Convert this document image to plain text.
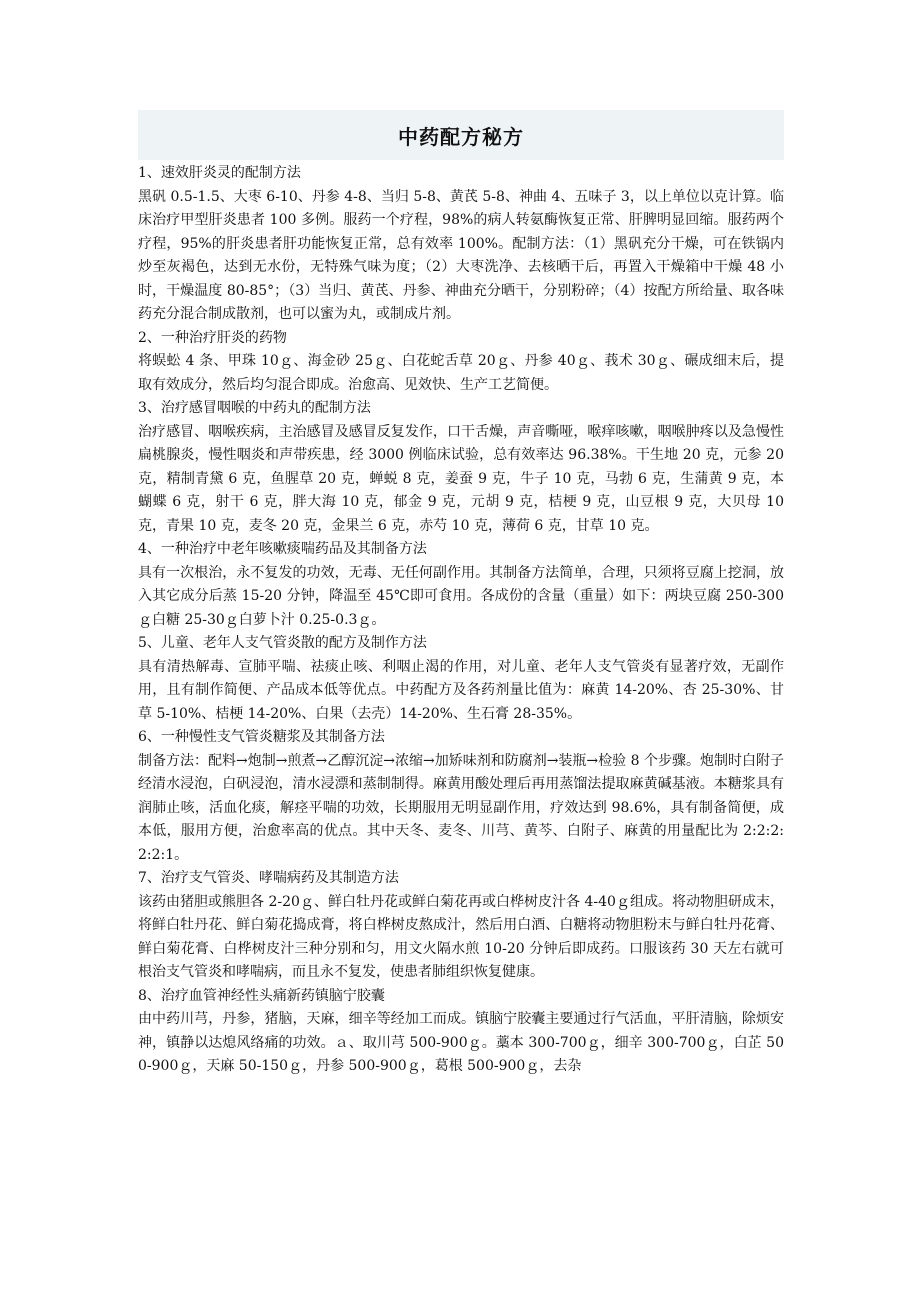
中药配方秘方

1、速效肝炎灵的配制方法

黑矾 0.5-1.5、大枣 6-10、丹参 4-8、当归 5-8、黄芪 5-8、神曲 4、五味子 3，以上单位以克计算。临床治疗甲型肝炎患者 100 多例。服药一个疗程，98%的病人转氨酶恢复正常、肝脾明显回缩。服药两个疗程，95%的肝炎患者肝功能恢复正常，总有效率 100%。配制方法：（1）黑矾充分干燥，可在铁锅内炒至灰褐色，达到无水份，无特殊气味为度；（2）大枣洗净、去核晒干后，再置入干燥箱中干燥 48 小时，干燥温度 80-85°；（3）当归、黄芪、丹参、神曲充分晒干，分别粉碎；（4）按配方所给量、取各味药充分混合制成散剂，也可以蜜为丸，或制成片剂。

2、一种治疗肝炎的药物

将蜈蚣 4 条、甲珠 10ｇ、海金砂 25ｇ、白花蛇舌草 20ｇ、丹参 40ｇ、莪术 30ｇ、碾成细末后，提取有效成分，然后均匀混合即成。治愈高、见效快、生产工艺简便。

3、治疗感冒咽喉的中药丸的配制方法

治疗感冒、咽喉疾病，主治感冒及感冒反复发作，口干舌燥，声音嘶哑，喉痒咳嗽，咽喉肿疼以及急慢性扁桃腺炎，慢性咽炎和声带疾患，经 3000 例临床试验，总有效率达 96.38%。干生地 20 克，元参 20 克，精制青黛 6 克，鱼腥草 20 克，蝉蜕 8 克，姜蚕 9 克，牛子 10 克，马勃 6 克，生蒲黄 9 克，本蝴蝶 6 克，射干 6 克，胖大海 10 克，郁金 9 克，元胡 9 克，桔梗 9 克，山豆根 9 克，大贝母 10 克，青果 10 克，麦冬 20 克，金果兰 6 克，赤芍 10 克，薄荷 6 克，甘草 10 克。

4、一种治疗中老年咳嗽痰喘药品及其制备方法

具有一次根治，永不复发的功效，无毒、无任何副作用。其制备方法简单，合理，只须将豆腐上挖洞，放入其它成分后蒸 15-20 分钟，降温至 45℃即可食用。各成份的含量（重量）如下：两块豆腐 250-300ｇ白糖 25-30ｇ白萝卜汁 0.25-0.3ｇ。

5、儿童、老年人支气管炎散的配方及制作方法

具有清热解毒、宣肺平喘、祛痰止咳、利咽止渴的作用，对儿童、老年人支气管炎有显著疗效，无副作用，且有制作简便、产品成本低等优点。中药配方及各药剂量比值为：麻黄 14-20%、杏 25-30%、甘草 5-10%、桔梗 14-20%、白果（去壳）14-20%、生石膏 28-35%。

6、一种慢性支气管炎糖浆及其制备方法

制备方法：配料→炮制→煎煮→乙醇沉淀→浓缩→加矫味剂和防腐剂→装瓶→检验 8 个步骤。炮制时白附子经清水浸泡，白矾浸泡，清水浸漂和蒸制制得。麻黄用酸处理后再用蒸馏法提取麻黄碱基液。本糖浆具有润肺止咳，活血化痰，解痉平喘的功效，长期服用无明显副作用，疗效达到 98.6%，具有制备简便，成本低，服用方便，治愈率高的优点。其中天冬、麦冬、川芎、黄芩、白附子、麻黄的用量配比为 2:2:2:2:2:1。

7、治疗支气管炎、哮喘病药及其制造方法

该药由猪胆或熊胆各 2-20ｇ、鲜白牡丹花或鲜白菊花再或白桦树皮汁各 4-40ｇ组成。将动物胆研成末，将鲜白牡丹花、鲜白菊花捣成膏，将白桦树皮熬成汁，然后用白酒、白糖将动物胆粉末与鲜白牡丹花膏、鲜白菊花膏、白桦树皮汁三种分别和匀，用文火隔水煎 10-20 分钟后即成药。口服该药 30 天左右就可根治支气管炎和哮喘病，而且永不复发，使患者肺组织恢复健康。

8、治疗血管神经性头痛新药镇脑宁胶囊

由中药川芎，丹参，猪脑，天麻，细辛等经加工而成。镇脑宁胶囊主要通过行气活血，平肝清脑，除烦安神，镇静以达熄风络痛的功效。ａ、取川芎 500-900ｇ。藁本 300-700ｇ，细辛 300-700ｇ，白芷 500-900ｇ，天麻 50-150ｇ，丹参 500-900ｇ，葛根 500-900ｇ，去杂
